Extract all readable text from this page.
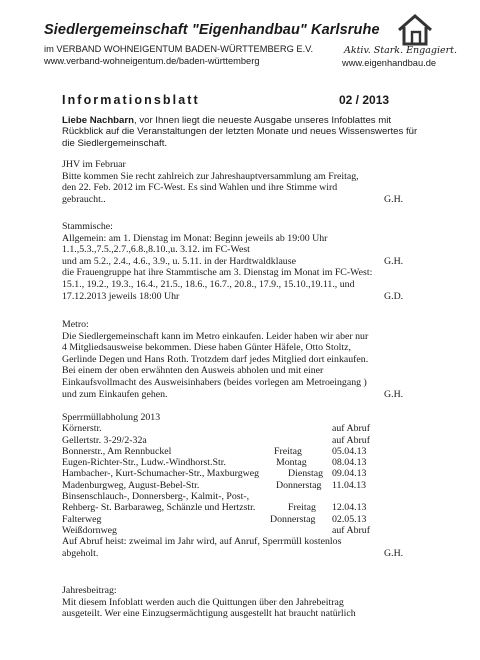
Siedlergemeinschaft "Eigenhandbau" Karlsruhe
im VERBAND WOHNEIGENTUM BADEN-WÜRTTEMBERG E.V.
www.verband-wohneigentum.de/baden-württemberg
Aktiv. Stark. Engagiert.
www.eigenhandbau.de
Informationsblatt	02 / 2013
Liebe Nachbarn, vor Ihnen liegt die neueste Ausgabe unseres Infoblattes mit Rückblick auf die Veranstaltungen der letzten Monate und neues Wissenswertes für die Siedlergemeinschaft.
JHV im Februar
Bitte kommen Sie recht zahlreich zur Jahreshauptversammlung am Freitag,
den 22. Feb. 2012 im FC-West. Es sind Wahlen und ihre Stimme wird
gebraucht..	G.H.
Stammische:
Allgemein: am 1. Dienstag im Monat: Beginn jeweils ab 19:00 Uhr
1.1.,5.3.,7.5.,2.7.,6.8.,8.10.,u. 3.12. im FC-West
und am 5.2., 2.4., 4.6., 3.9., u. 5.11. in der Hardtwaldklause	G.H.
die Frauengruppe hat ihre Stammtische am 3. Dienstag im Monat im FC-West:
15.1., 19.2., 19.3., 16.4., 21.5., 18.6., 16.7., 20.8., 17.9., 15.10.,19.11., und
17.12.2013 jeweils 18:00 Uhr	G.D.
Metro:
Die Siedlergemeinschaft kann im Metro einkaufen. Leider haben wir aber nur
4 Mitgliedsausweise bekommen. Diese haben Günter Häfele, Otto Stoltz,
Gerlinde Degen und Hans Roth. Trotzdem darf jedes Mitglied dort einkaufen.
Bei einem der oben erwähnten den Ausweis abholen und mit einer
Einkaufsvollmacht des Ausweisinhabers (beides vorlegen am Metroeingang )
und zum Einkaufen gehen.	G.H.
Sperrmüllabholung 2013
Körnerstr.	auf Abruf
Gellertstr. 3-29/2-32a	auf Abruf
Bonnerstr., Am Rennbuckel	Freitag	05.04.13
Eugen-Richter-Str., Ludw.-Windhorst.Str.	Montag	08.04.13
Hambacher-, Kurt-Schumacher-Str., Maxburgweg	Dienstag 09.04.13
Madenburgweg, August-Bebel-Str.	Donnerstag 11.04.13
Binsenschlauch-, Donnersberg-, Kalmit-, Post-,
Rehberg- St. Barbaraweg, Schänzle und Hertzstr.	Freitag 12.04.13
Falterweg	Donnerstag 02.05.13
Weißdornweg	auf Abruf
Auf Abruf heist: zweimal im Jahr wird, auf Anruf, Sperrmüll kostenlos
abgeholt.	G.H.
Jahresbeitrag:
Mit diesem Infoblatt werden auch die Quittungen über den Jahrebeitrag
ausgeteilt. Wer eine Einzugsermächtigung ausgestellt hat braucht natürlich
